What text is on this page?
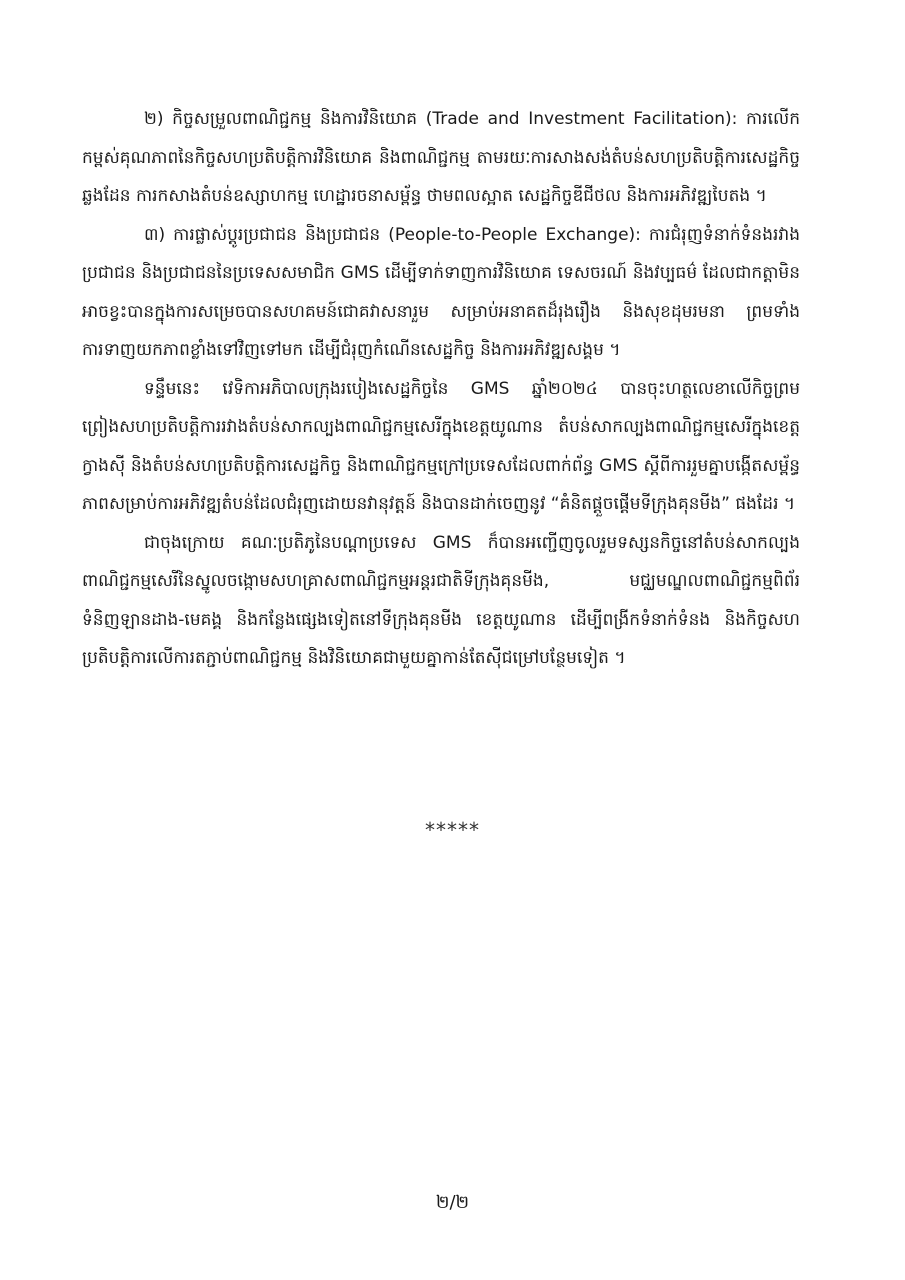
២) កិច្ចសម្រួលពាណិជ្ជកម្ម និងការវិនិយោគ (Trade and Investment Facilitation): ការលើកកម្ពស់គុណភាពនៃកិច្ចសហប្រតិបត្តិការវិនិយោគ និងពាណិជ្ជកម្ម តាមរយៈការសាងសង់តំបន់សហប្រតិបត្តិការសេដ្ឋកិច្ចឆ្លងដែន ការកសាងតំបន់ឧស្សាហកម្ម ហេដ្ឋារចនាសម្ព័ន្ធ ថាមពលស្អាត សេដ្ឋកិច្ចឌីជីថល និងការអភិវឌ្ឍបៃតង ។

៣) ការផ្លាស់ប្តូរប្រជាជន និងប្រជាជន (People-to-People Exchange): ការជំរុញទំនាក់ទំនងរវាងប្រជាជន និងប្រជាជននៃប្រទេសសមាជិក GMS ដើម្បីទាក់ទាញការវិនិយោគ ទេសចរណ៍ និងវប្បធម៌ ដែលជាកត្តាមិនអាចខ្វះបានក្នុងការសម្រេចបានសហគមន៍ជោគវាសនារួម សម្រាប់អនាគតដ៏រុងរឿង និងសុខដុមរមនា ព្រមទាំងការទាញយកភាពខ្លាំងទៅវិញទៅមក ដើម្បីជំរុញកំណើនសេដ្ឋកិច្ច និងការអភិវឌ្ឍសង្គម ។

ទន្ទឹមនេះ វេទិកាអភិបាលក្រុងរបៀងសេដ្ឋកិច្ចនៃ GMS ឆ្នាំ២០២៤ បានចុះហត្ថលេខាលើកិច្ចព្រមព្រៀងសហប្រតិបត្តិការរវាងតំបន់សាកល្បងពាណិជ្ជកម្មសេរីក្នុងខេត្តយូណាន តំបន់សាកល្បងពាណិជ្ជកម្មសេរីក្នុងខេត្តក្វាងស៊ី និងតំបន់សហប្រតិបត្តិការសេដ្ឋកិច្ច និងពាណិជ្ជកម្មក្រៅប្រទេសដែលពាក់ព័ន្ធ GMS ស្តីពីការរួមគ្នាបង្កើតសម្ព័ន្ធភាពសម្រាប់ការអភិវឌ្ឍតំបន់ដែលជំរុញដោយនវានុវត្តន៍ និងបានដាក់ចេញនូវ “គំនិតផ្តួចផ្តើមទីក្រុងគុនមីង” ផងដែរ ។

ជាចុងក្រោយ គណៈប្រតិភូនៃបណ្តាប្រទេស GMS ក៏បានអញ្ជើញចូលរួមទស្សនកិច្ចនៅតំបន់សាកល្បងពាណិជ្ជកម្មសេរីនៃស្នូលចង្កោមសហគ្រាសពាណិជ្ជកម្មអន្តរជាតិទីក្រុងគុនមីង, មជ្ឈមណ្ឌលពាណិជ្ជកម្មពិព័រទំនិញឡានដាង-មេគង្គ និងកន្លែងផ្សេងទៀតនៅទីក្រុងគុនមីង ខេត្តយូណាន ដើម្បីពង្រីកទំនាក់ទំនង និងកិច្ចសហប្រតិបត្តិការលើការតភ្ជាប់ពាណិជ្ជកម្ម និងវិនិយោគជាមួយគ្នាកាន់តែស៊ីជម្រៅបន្ថែមទៀត ។

*****
២/២
